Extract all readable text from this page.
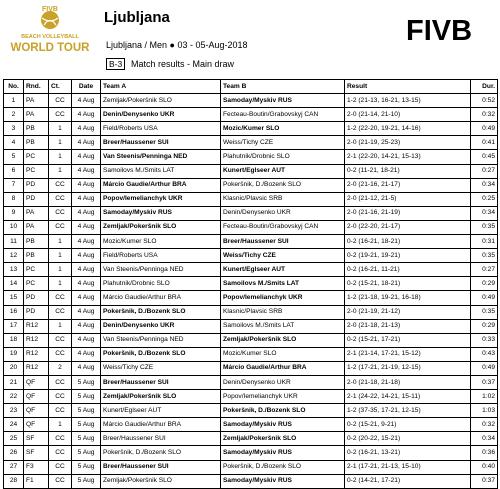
FIVB
BEACH VOLLEYBALL
WORLD TOUR
Ljubljana
Ljubljana / Men ● 03 - 05-Aug-2018
B-3 Match results - Main draw
FIVB
No.	Rnd.	Ct.	Date	Team A	Team B	Result	Dur.
1	PA	CC	4 Aug	Zemljak/Pokeršnik SLO	Samoday/Myskiv RUS	1-2 (21-13, 16-21, 13-15)	0:52
2	PA	CC	4 Aug	Denin/Denysenko UKR	Fecteau-Boutin/Grabovskyj CAN	2-0 (21-14, 21-10)	0:32
3	PB	1	4 Aug	Field/Roberts USA	Mozic/Kumer SLO	1-2 (22-20, 19-21, 14-16)	0:49
4	PB	1	4 Aug	Breer/Haussener SUI	Weiss/Tichy CZE	2-0 (21-19, 25-23)	0:41
5	PC	1	4 Aug	Van Steenis/Penninga NED	Plahutnik/Drobnic SLO	2-1 (22-20, 14-21, 15-13)	0:45
6	PC	1	4 Aug	Samoilovs M./Smits LAT	Kunert/Eglseer AUT	0-2 (11-21, 18-21)	0:27
7	PD	CC	4 Aug	Márcio Gaudie/Arthur BRA	Pokeršnik, D./Bozenk SLO	2-0 (21-16, 21-17)	0:34
8	PD	CC	4 Aug	Popov/Iemelianchyk UKR	Klasnic/Plavsic SRB	2-0 (21-12, 21-5)	0:25
9	PA	CC	4 Aug	Samoday/Myskiv RUS	Denin/Denysenko UKR	2-0 (21-16, 21-19)	0:34
10	PA	CC	4 Aug	Zemljak/Pokeršnik SLO	Fecteau-Boutin/Grabovskyj CAN	2-0 (22-20, 21-17)	0:35
11	PB	1	4 Aug	Mozic/Kumer SLO	Breer/Haussener SUI	0-2 (16-21, 18-21)	0:31
12	PB	1	4 Aug	Field/Roberts USA	Weiss/Tichy CZE	0-2 (19-21, 19-21)	0:35
13	PC	1	4 Aug	Van Steenis/Penninga NED	Kunert/Eglseer AUT	0-2 (16-21, 11-21)	0:27
14	PC	1	4 Aug	Plahutnik/Drobnic SLO	Samoilovs M./Smits LAT	0-2 (15-21, 18-21)	0:29
15	PD	CC	4 Aug	Márcio Gaudie/Arthur BRA	Popov/Iemelianchyk UKR	1-2 (21-18, 19-21, 16-18)	0:49
16	PD	CC	4 Aug	Pokeršnik, D./Bozenk SLO	Klasnic/Plavsic SRB	2-0 (21-19, 21-12)	0:35
17	R12	1	4 Aug	Denin/Denysenko UKR	Samoilovs M./Smits LAT	2-0 (21-18, 21-13)	0:29
18	R12	CC	4 Aug	Van Steenis/Penninga NED	Zemljak/Pokeršnik SLO	0-2 (15-21, 17-21)	0:33
19	R12	CC	4 Aug	Pokeršnik, D./Bozenk SLO	Mozic/Kumer SLO	2-1 (21-14, 17-21, 15-12)	0:43
20	R12	2	4 Aug	Weiss/Tichy CZE	Márcio Gaudie/Arthur BRA	1-2 (17-21, 21-19, 12-15)	0:49
21	QF	CC	5 Aug	Breer/Haussener SUI	Denin/Denysenko UKR	2-0 (21-18, 21-18)	0:37
22	QF	CC	5 Aug	Zemljak/Pokeršnik SLO	Popov/Iemelianchyk UKR	2-1 (24-22, 14-21, 15-11)	1:02
23	QF	CC	5 Aug	Kunert/Eglseer AUT	Pokeršnik, D./Bozenk SLO	1-2 (37-35, 17-21, 12-15)	1:03
24	QF	1	5 Aug	Márcio Gaudie/Arthur BRA	Samoday/Myskiv RUS	0-2 (15-21, 9-21)	0:32
25	SF	CC	5 Aug	Breer/Haussener SUI	Zemljak/Pokeršnik SLO	0-2 (20-22, 15-21)	0:34
26	SF	CC	5 Aug	Pokeršnik, D./Bozenk SLO	Samoday/Myskiv RUS	0-2 (16-21, 13-21)	0:36
27	F3	CC	5 Aug	Breer/Haussener SUI	Pokeršnik, D./Bozenk SLO	2-1 (17-21, 21-13, 15-10)	0:40
28	F1	CC	5 Aug	Zemljak/Pokeršnik SLO	Samoday/Myskiv RUS	0-2 (14-21, 17-21)	0:37
